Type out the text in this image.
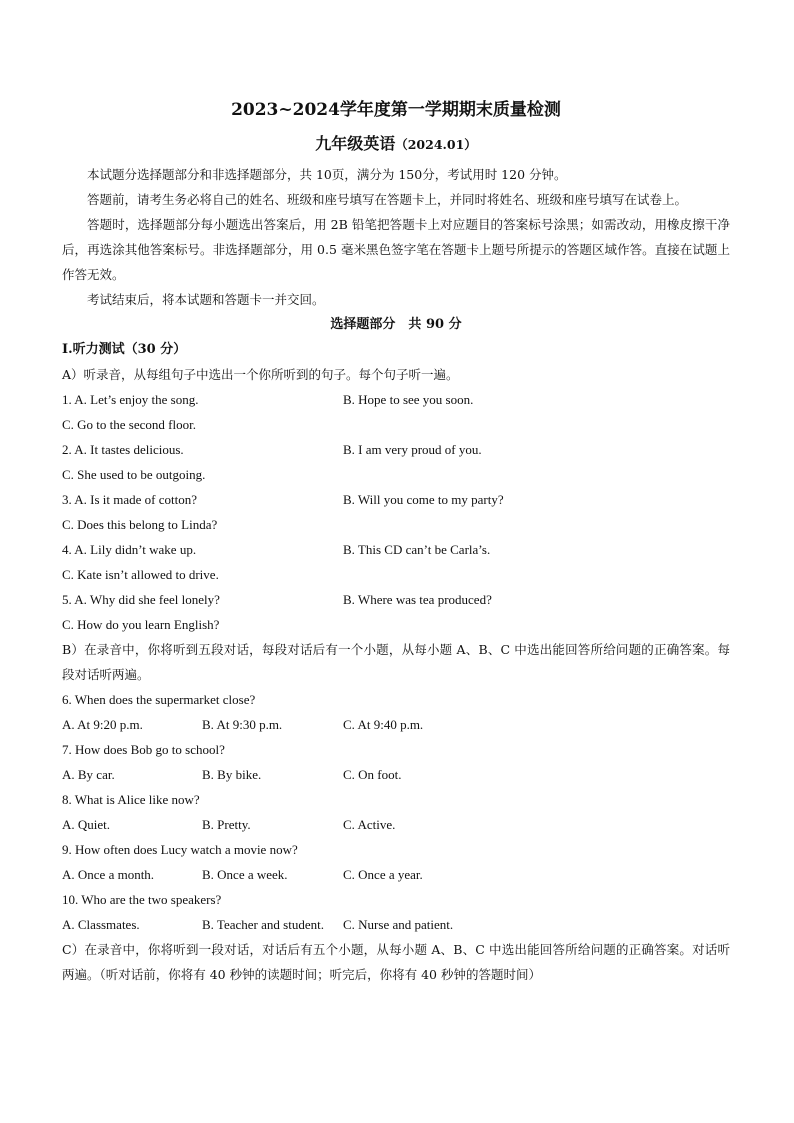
2023~2024学年度第一学期期末质量检测
九年级英语（2024.01）
本试题分选择题部分和非选择题部分，共 10页，满分为 150分，考试用时 120 分钟。
答题前，请考生务必将自己的姓名、班级和座号填写在答题卡上，并同时将姓名、班级和座号填写在试卷上。
答题时，选择题部分每小题选出答案后，用 2B 铅笔把答题卡上对应题目的答案标号涂黑；如需改动，用橡皮擦干净后，再选涂其他答案标号。非选择题部分，用 0.5 毫米黑色签字笔在答题卡上题号所提示的答题区域作答。直接在试题上作答无效。
考试结束后，将本试题和答题卡一并交回。
选择题部分　共 90 分
Ⅰ.听力测试（30 分）
A）听录音，从每组句子中选出一个你所听到的句子。每个句子听一遍。
1. A. Let’s enjoy the song.	B. Hope to see you soon.
C. Go to the second floor.
2. A. It tastes delicious.	B. I am very proud of you.
C. She used to be outgoing.
3. A. Is it made of cotton?	B. Will you come to my party?
C. Does this belong to Linda?
4. A. Lily didn’t wake up.	B. This CD can’t be Carla’s.
C. Kate isn’t allowed to drive.
5. A. Why did she feel lonely?	B. Where was tea produced?
C. How do you learn English?
B）在录音中，你将听到五段对话，每段对话后有一个小题，从每小题 A、B、C 中选出能回答所给问题的正确答案。每段对话听两遍。
6. When does the supermarket close?
A. At 9:20 p.m.	B. At 9:30 p.m.	C. At 9:40 p.m.
7. How does Bob go to school?
A. By car.	B. By bike.	C. On foot.
8. What is Alice like now?
A. Quiet.	B. Pretty.	C. Active.
9. How often does Lucy watch a movie now?
A. Once a month.	B. Once a week.	C. Once a year.
10. Who are the two speakers?
A. Classmates.	B. Teacher and student.	C. Nurse and patient.
C）在录音中，你将听到一段对话，对话后有五个小题，从每小题 A、B、C 中选出能回答所给问题的正确答案。对话听两遍。（听对话前，你将有 40 秒钟的读题时间；听完后，你将有 40 秒钟的答题时间）
